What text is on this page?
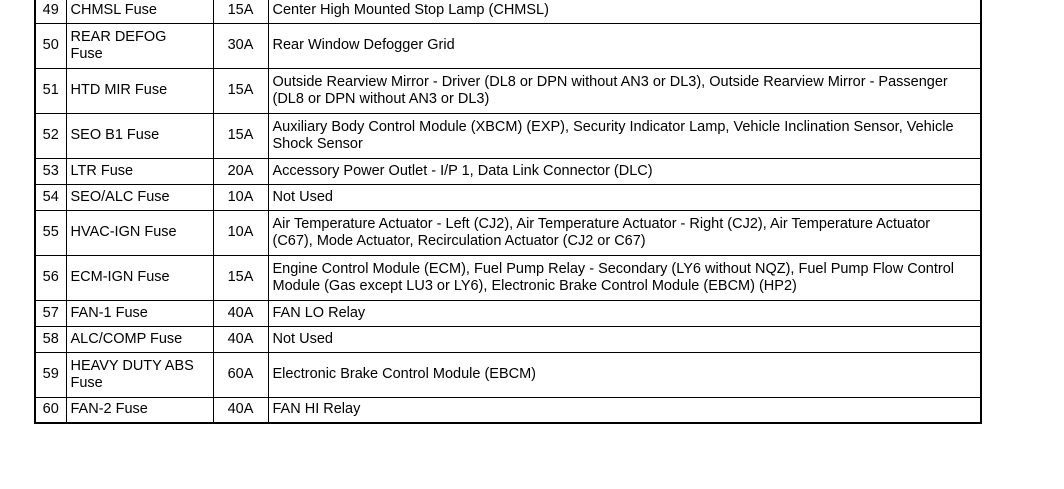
49	CHMSL Fuse	15A	Center High Mounted Stop Lamp (CHMSL)
50	REAR DEFOG Fuse	30A	Rear Window Defogger Grid
51	HTD MIR Fuse	15A	Outside Rearview Mirror - Driver (DL8 or DPN without AN3 or DL3), Outside Rearview Mirror - Passenger (DL8 or DPN without AN3 or DL3)
52	SEO B1 Fuse	15A	Auxiliary Body Control Module (XBCM) (EXP), Security Indicator Lamp, Vehicle Inclination Sensor, Vehicle Shock Sensor
53	LTR Fuse	20A	Accessory Power Outlet - I/P 1, Data Link Connector (DLC)
54	SEO/ALC Fuse	10A	Not Used
55	HVAC-IGN Fuse	10A	Air Temperature Actuator - Left (CJ2), Air Temperature Actuator - Right (CJ2), Air Temperature Actuator (C67), Mode Actuator, Recirculation Actuator (CJ2 or C67)
56	ECM-IGN Fuse	15A	Engine Control Module (ECM), Fuel Pump Relay - Secondary (LY6 without NQZ), Fuel Pump Flow Control Module (Gas except LU3 or LY6), Electronic Brake Control Module (EBCM) (HP2)
57	FAN-1 Fuse	40A	FAN LO Relay
58	ALC/COMP Fuse	40A	Not Used
59	HEAVY DUTY ABS Fuse	60A	Electronic Brake Control Module (EBCM)
60	FAN-2 Fuse	40A	FAN HI Relay
